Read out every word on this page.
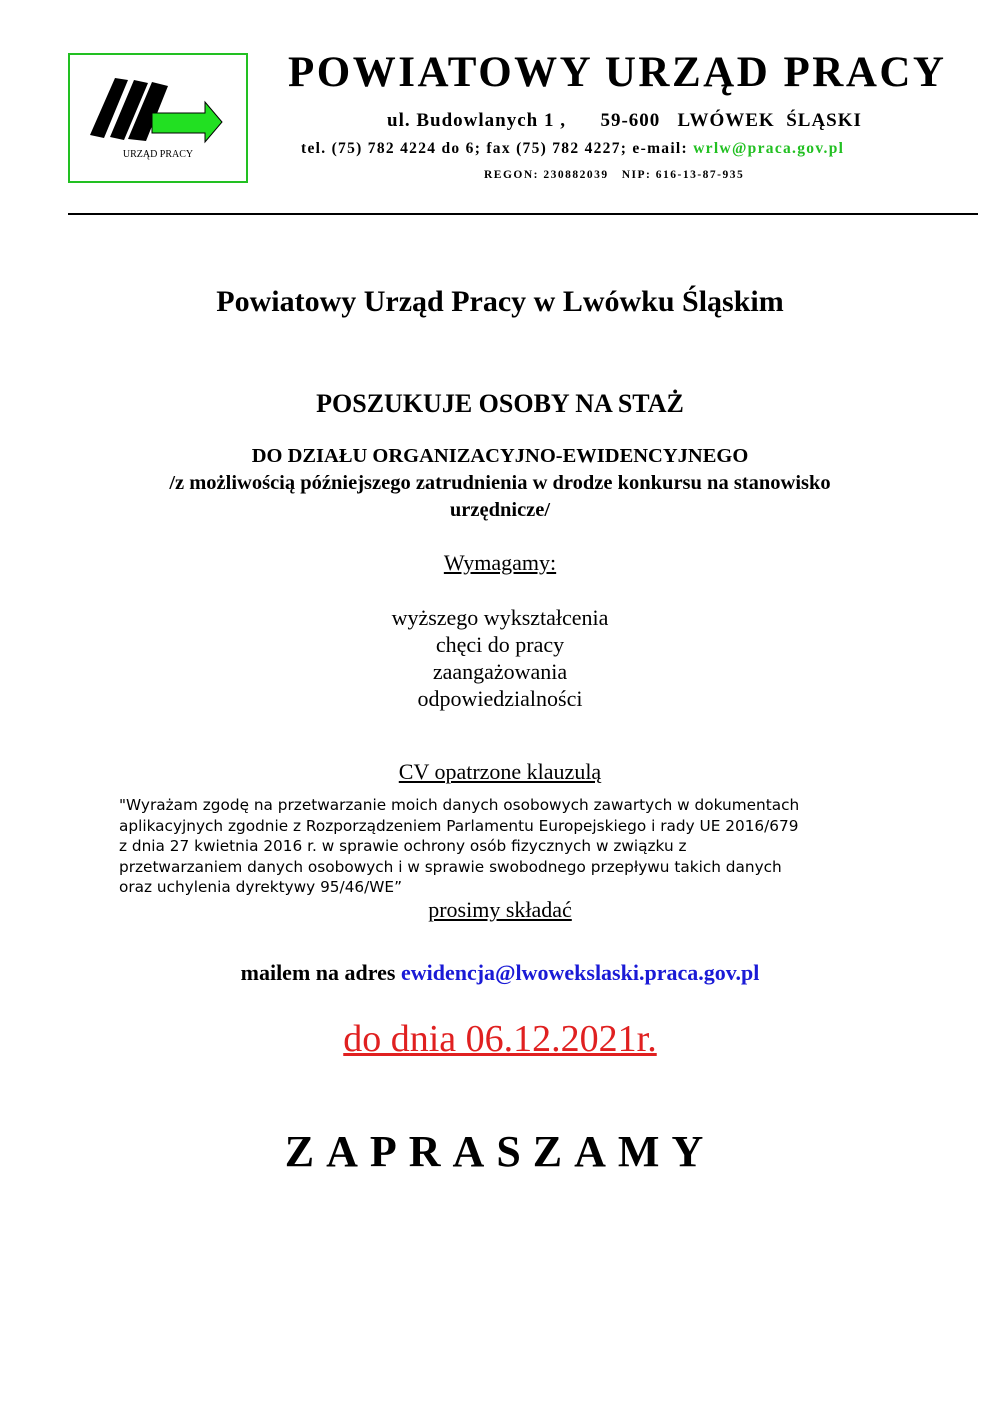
URZĄD PRACY
POWIATOWY URZĄD PRACY
ul. Budowlanych 1 ,      59-600   LWÓWEK  ŚLĄSKI
tel. (75) 782 4224 do 6; fax (75) 782 4227; e-mail: wrlw@praca.gov.pl
REGON: 230882039   NIP: 616-13-87-935
Powiatowy Urząd Pracy w Lwówku Śląskim
POSZUKUJE OSOBY NA STAŻ
DO DZIAŁU ORGANIZACYJNO-EWIDENCYJNEGO
/z możliwością późniejszego zatrudnienia w drodze konkursu na stanowisko
urzędnicze/
Wymagamy:
wyższego wykształcenia
chęci do pracy
zaangażowania
odpowiedzialności
CV opatrzone klauzulą
"Wyrażam zgodę na przetwarzanie moich danych osobowych zawartych w dokumentach
aplikacyjnych zgodnie z Rozporządzeniem Parlamentu Europejskiego i rady UE 2016/679
z dnia 27 kwietnia 2016 r. w sprawie ochrony osób fizycznych w związku z
przetwarzaniem danych osobowych i w sprawie swobodnego przepływu takich danych
oraz uchylenia dyrektywy 95/46/WE”
prosimy składać
mailem na adres ewidencja@lwowekslaski.praca.gov.pl
do dnia 06.12.2021r.
ZAPRASZAMY
